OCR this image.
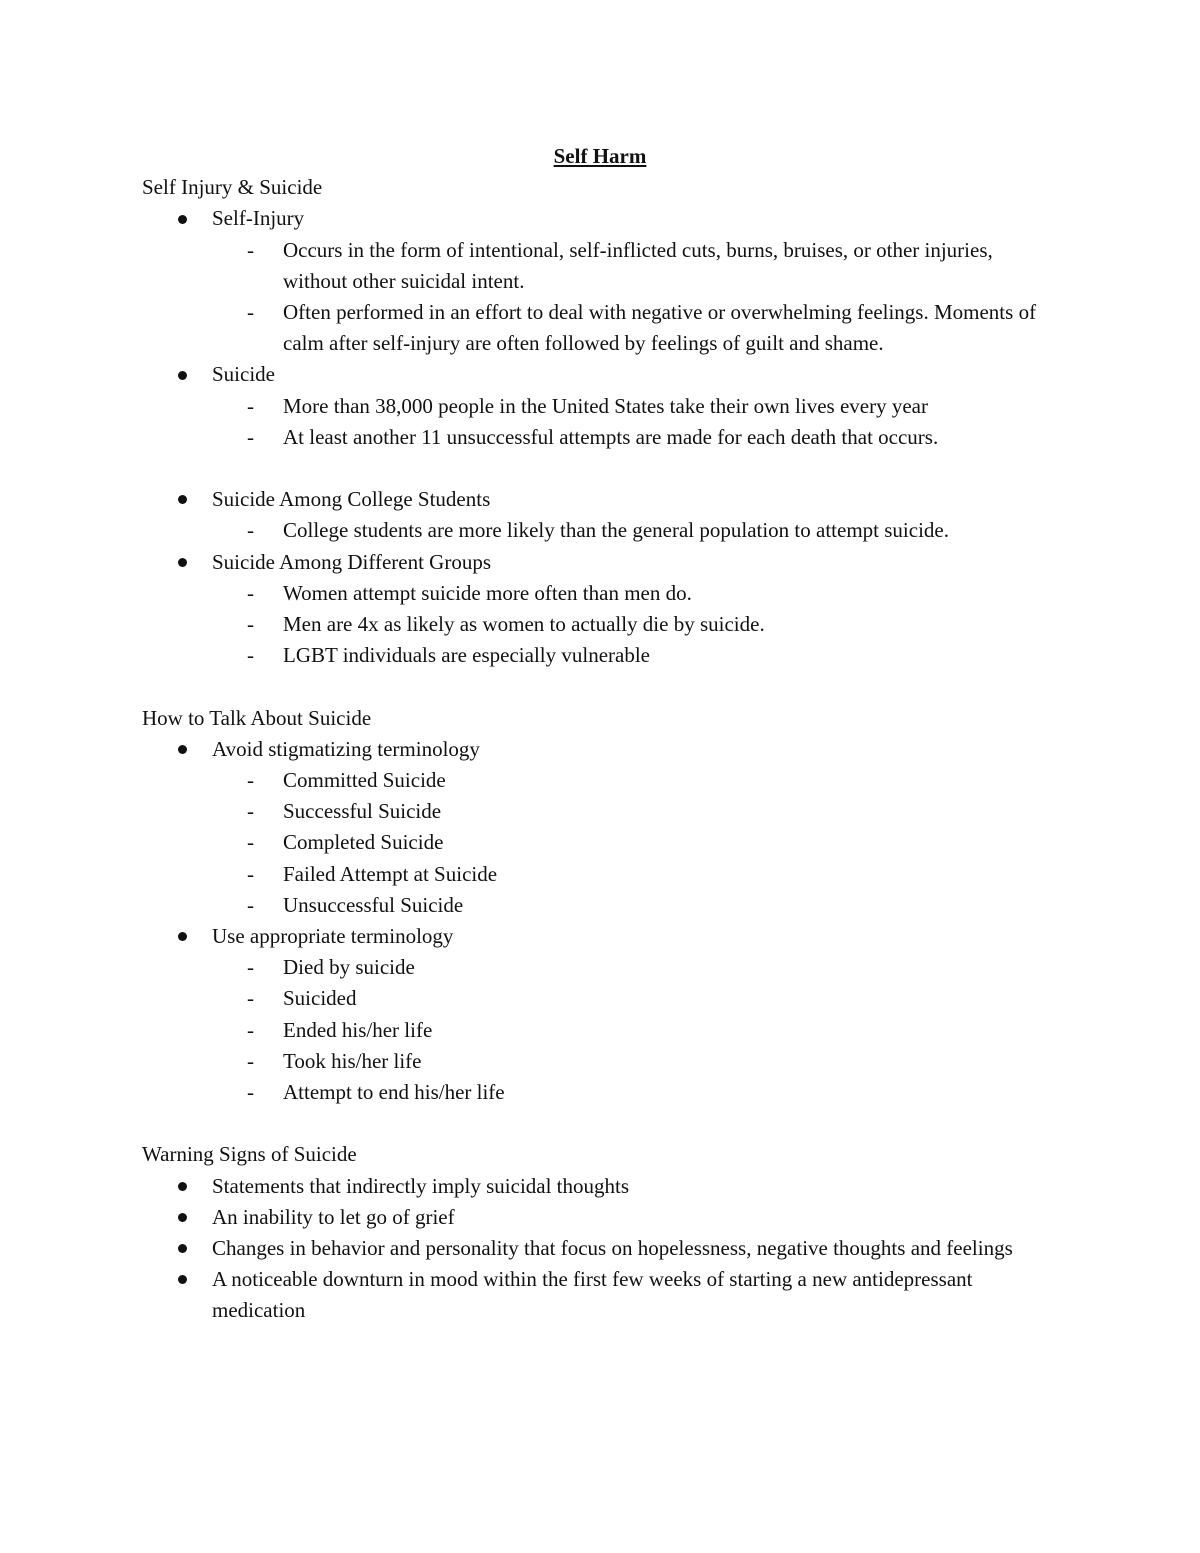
Self Harm
Self Injury & Suicide
Self-Injury
- Occurs in the form of intentional, self-inflicted cuts, burns, bruises, or other injuries, without other suicidal intent.
- Often performed in an effort to deal with negative or overwhelming feelings. Moments of calm after self-injury are often followed by feelings of guilt and shame.
Suicide
- More than 38,000 people in the United States take their own lives every year
- At least another 11 unsuccessful attempts are made for each death that occurs.
Suicide Among College Students
- College students are more likely than the general population to attempt suicide.
Suicide Among Different Groups
- Women attempt suicide more often than men do.
- Men are 4x as likely as women to actually die by suicide.
- LGBT individuals are especially vulnerable
How to Talk About Suicide
Avoid stigmatizing terminology
- Committed Suicide
- Successful Suicide
- Completed Suicide
- Failed Attempt at Suicide
- Unsuccessful Suicide
Use appropriate terminology
- Died by suicide
- Suicided
- Ended his/her life
- Took his/her life
- Attempt to end his/her life
Warning Signs of Suicide
Statements that indirectly imply suicidal thoughts
An inability to let go of grief
Changes in behavior and personality that focus on hopelessness, negative thoughts and feelings
A noticeable downturn in mood within the first few weeks of starting a new antidepressant medication
